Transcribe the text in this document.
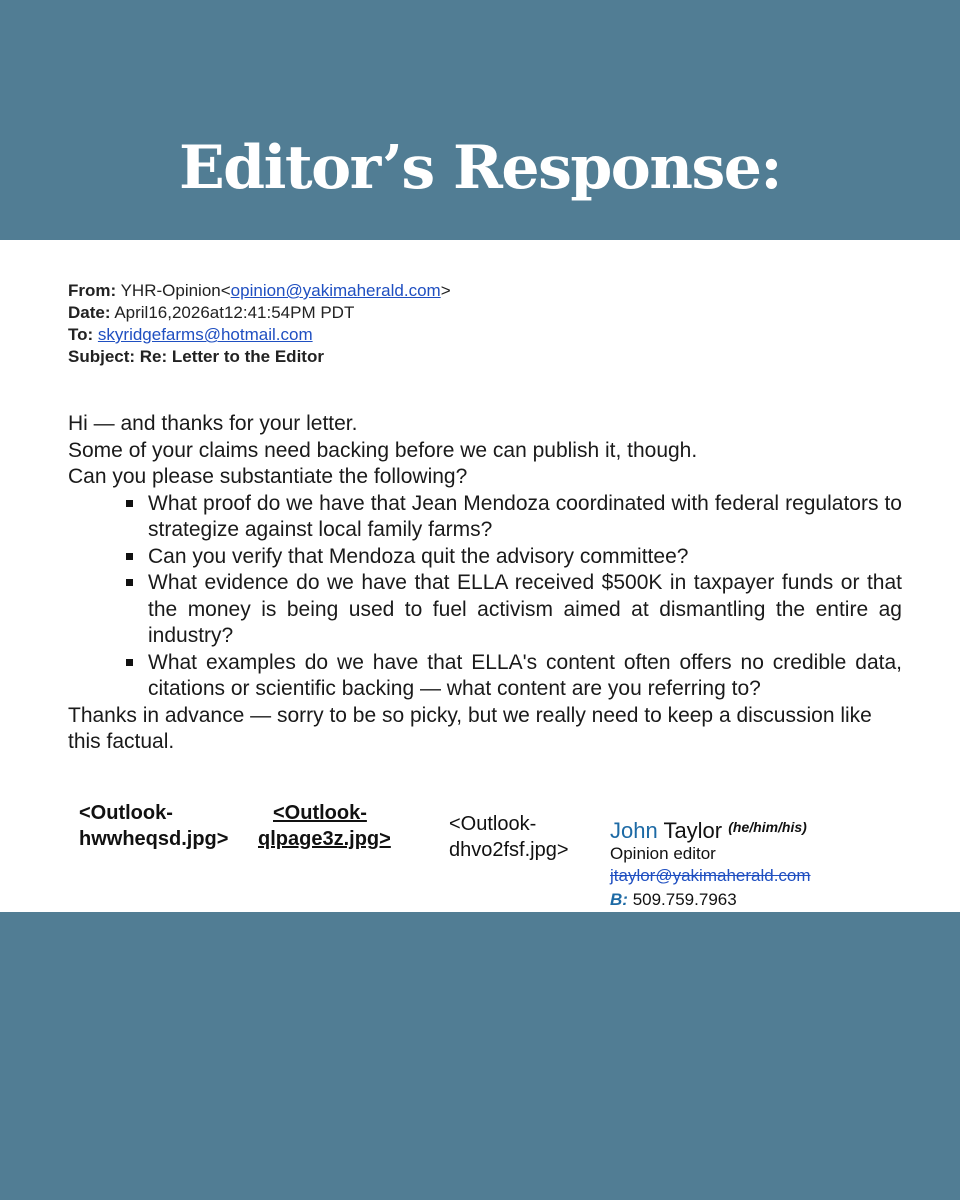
Editor’s Response:
From: YHR-Opinion<opinion@yakimaherald.com>
Date: April16,2026at12:41:54PM PDT
To: skyridgefarms@hotmail.com
Subject: Re: Letter to the Editor

Hi — and thanks for your letter.

Some of your claims need backing before we can publish it, though.

Can you please substantiate the following?

What proof do we have that Jean Mendoza coordinated with federal regulators to strategize against local family farms?
Can you verify that Mendoza quit the advisory committee?
What evidence do we have that ELLA received $500K in taxpayer funds or that the money is being used to fuel activism aimed at dismantling the entire ag industry?
What examples do we have that ELLA's content often offers no credible data, citations or scientific backing — what content are you referring to?

Thanks in advance — sorry to be so picky, but we really need to keep a discussion like this factual.

<Outlook-
hwwheqsd.jpg>
<Outlook-
qlpage3z.jpg>
<Outlook-
dhvo2fsf.jpg>
John Taylor $^{(he/him/his)}$
Opinion editor
jtaylor@yakimaherald.com
B: 509.759.7963
